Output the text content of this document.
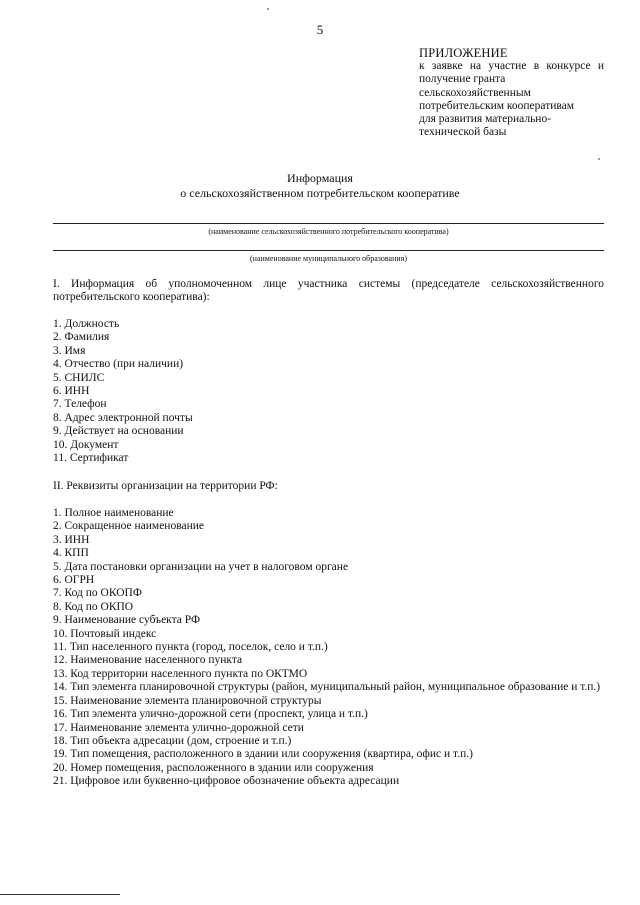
5
ПРИЛОЖЕНИЕ
к заявке на участие в конкурсе и
получение гранта
сельскохозяйственным
потребительским кооперативам
для развития материально-
технической базы
Информация
о сельскохозяйственном потребительском кооперативе
(наименование сельскохозяйственного потребительского кооператива)
(наименование муниципального образования)

I. Информация об уполномоченном лице участника системы (председателе сельскохозяйственного потребительского кооператива):

1. Должность
2. Фамилия
3. Имя
4. Отчество (при наличии)
5. СНИЛС
6. ИНН
7. Телефон
8. Адрес электронной почты
9. Действует на основании
10. Документ
11. Сертификат

II. Реквизиты организации на территории РФ:

1. Полное наименование
2. Сокращенное наименование
3. ИНН
4. КПП
5. Дата постановки организации на учет в налоговом органе
6. ОГРН
7. Код по ОКОПФ
8. Код по ОКПО
9. Наименование субъекта РФ
10. Почтовый индекс
11. Тип населенного пункта (город, поселок, село и т.п.)
12. Наименование населенного пункта
13. Код территории населенного пункта по ОКТМО
14. Тип элемента планировочной структуры (район, муниципальный район, муниципальное образование и т.п.)
15. Наименование элемента планировочной структуры
16. Тип элемента улично-дорожной сети (проспект, улица и т.п.)
17. Наименование элемента улично-дорожной сети
18. Тип объекта адресации (дом, строение и т.п.)
19. Тип помещения, расположенного в здании или сооружения (квартира, офис и т.п.)
20. Номер помещения, расположенного в здании или сооружения
21. Цифровое или буквенно-цифровое обозначение объекта адресации
